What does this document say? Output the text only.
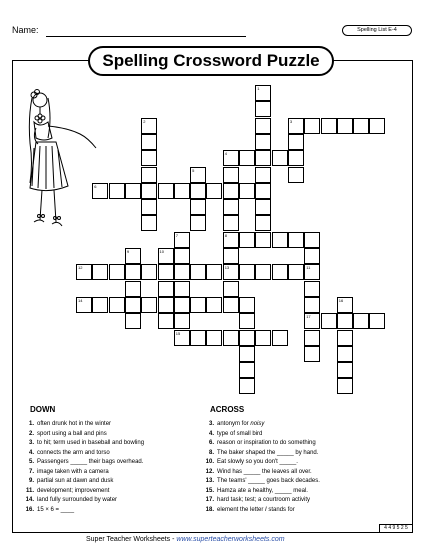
Name:	Spelling List E-4
Spelling Crossword Puzzle
1
2	3
4
8
13
5
6
7
15
11
9	10
12
17
14	16
DOWN
1. often drunk hot in the winter
2. sport using a ball and pins
3. to hit; term used in baseball and bowling
4. connects the arm and torso
5. Passengers _____ their bags overhead.
7. image taken with a camera
9. partial sun at dawn and dusk
11. development; improvement
14. land fully surrounded by water
16. 15 × 6 = ____
ACROSS
3. antonym for noisy
4. type of small bird
6. reason or inspiration to do something
8. The baker shaped the _____ by hand.
10. Eat slowly so you don't _____.
12. Wind has _____ the leaves all over.
13. The teams' _____ goes back decades.
15. Hamza ate a healthy, _____ meal.
17. hard task; test; a courtroom activity
18. element the letter I stands for
Super Teacher Worksheets - www.superteacherworksheets.com
4 4 9 5 2 5
